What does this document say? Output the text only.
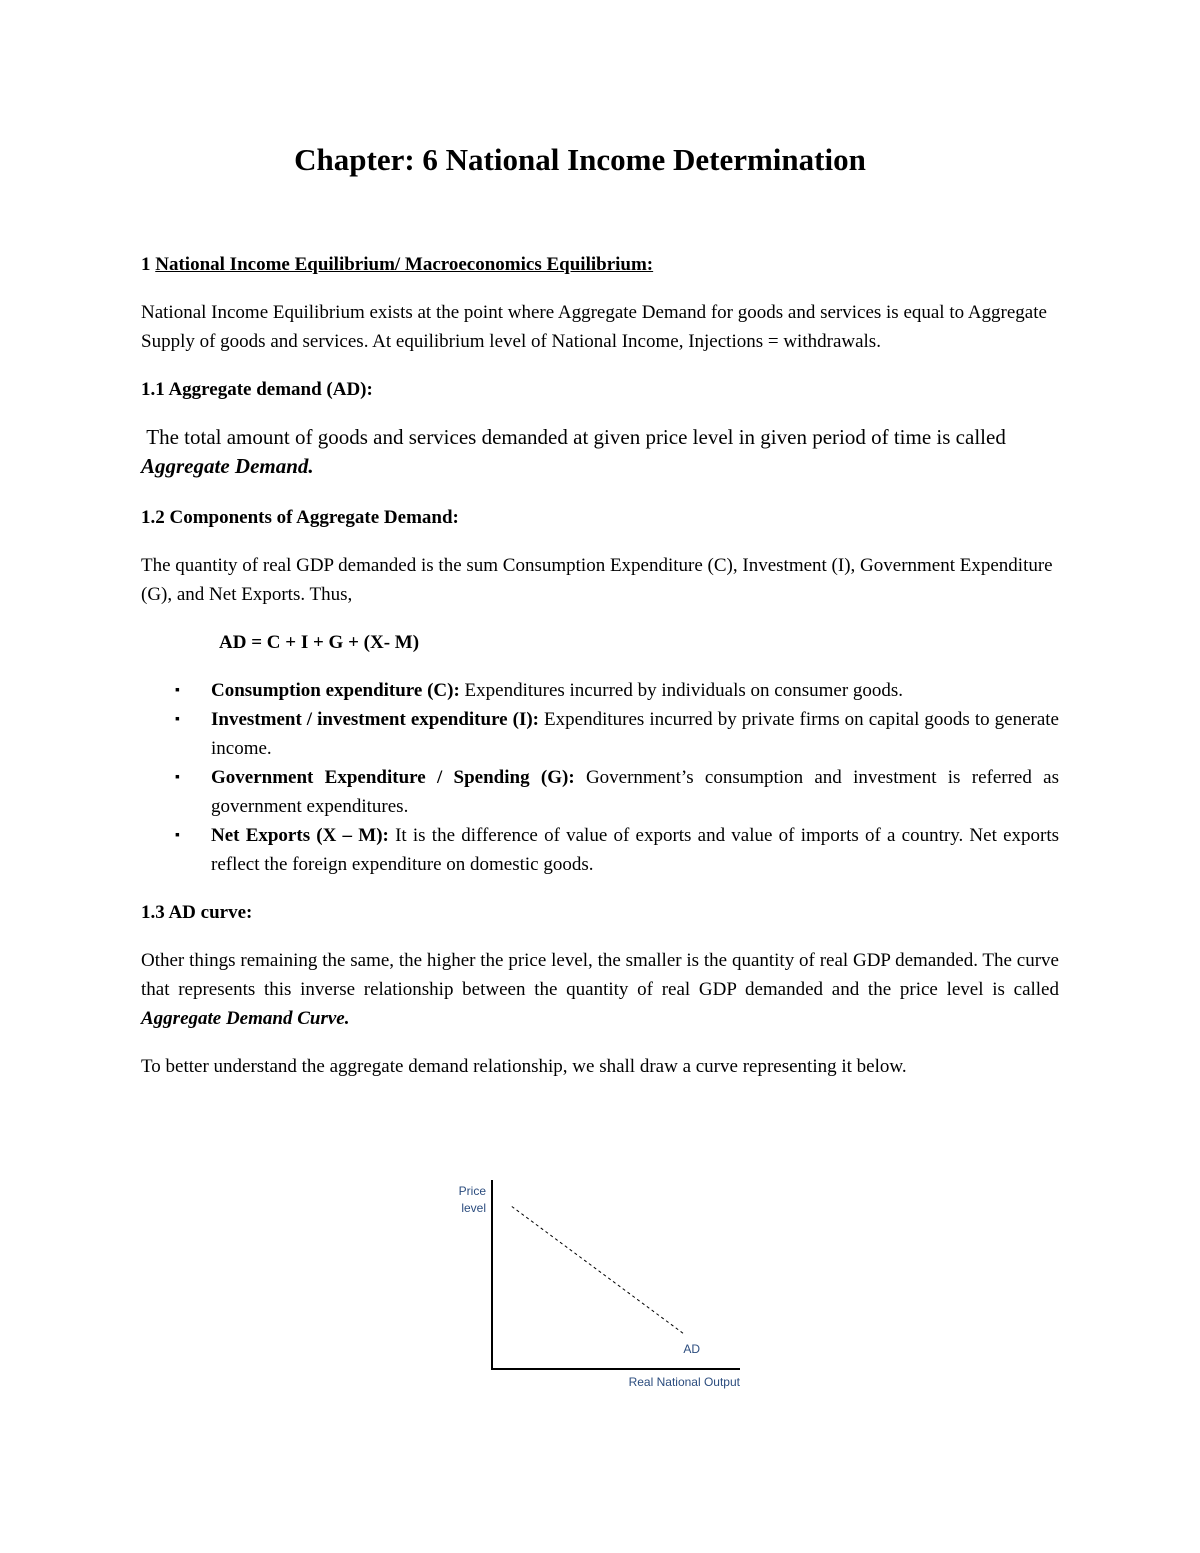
Chapter: 6 National Income Determination

1 National Income Equilibrium/ Macroeconomics Equilibrium:

National Income Equilibrium exists at the point where Aggregate Demand for goods and services is equal to Aggregate Supply of goods and services. At equilibrium level of National Income, Injections = withdrawals.

1.1 Aggregate demand (AD):

The total amount of goods and services demanded at given price level in given period of time is called Aggregate Demand.

1.2 Components of Aggregate Demand:

The quantity of real GDP demanded is the sum Consumption Expenditure (C), Investment (I), Government Expenditure (G), and Net Exports. Thus,

AD = C + I + G + (X- M)

▪ Consumption expenditure (C): Expenditures incurred by individuals on consumer goods.
▪ Investment / investment expenditure (I): Expenditures incurred by private firms on capital goods to generate income.
▪ Government Expenditure / Spending (G): Government’s consumption and investment is referred as government expenditures.
▪ Net Exports (X – M): It is the difference of value of exports and value of imports of a country. Net exports reflect the foreign expenditure on domestic goods.

1.3 AD curve:

Other things remaining the same, the higher the price level, the smaller is the quantity of real GDP demanded. The curve that represents this inverse relationship between the quantity of real GDP demanded and the price level is called Aggregate Demand Curve.

To better understand the aggregate demand relationship, we shall draw a curve representing it below.

Price
level
AD
Real National Output
